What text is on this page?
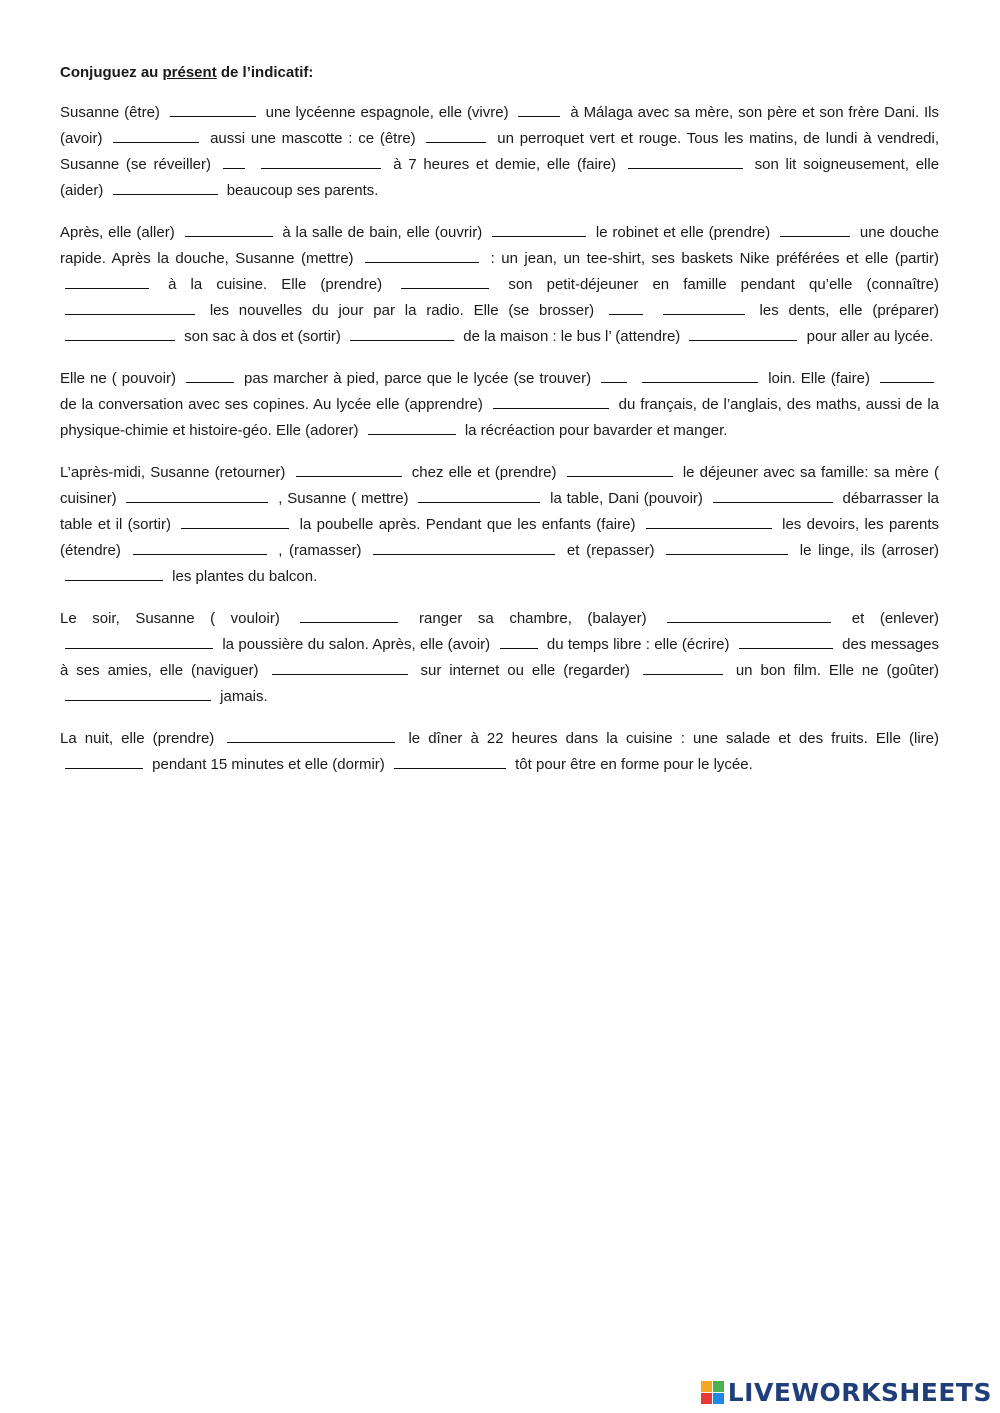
Conjuguez au présent de l’indicatif:
Susanne (être)	une lycéenne espagnole, elle (vivre)	à Málaga avec sa mère, son père et son frère Dani. Ils (avoir)	aussi une mascotte : ce (être)	un perroquet vert et rouge. Tous les matins, de lundi à vendredi, Susanne (se réveiller)	à 7 heures et demie, elle (faire)	son lit soigneusement, elle (aider)	beaucoup ses parents.
Après, elle (aller)	à la salle de bain, elle (ouvrir)	le robinet et elle (prendre)	une douche rapide. Après la douche, Susanne (mettre)	: un jean, un tee-shirt, ses baskets Nike préférées et elle (partir)  à la cuisine. Elle (prendre)	son petit-déjeuner en famille pendant qu’elle (connaître)  les nouvelles du jour par la radio. Elle (se brosser)	les dents, elle (préparer)  son sac à dos et (sortir)	de la maison : le bus l’ (attendre)	pour aller au lycée.
Elle ne ( pouvoir)	pas marcher à pied, parce que le lycée (se trouver)	loin. Elle (faire)  de la conversation avec ses copines. Au lycée elle (apprendre)	du français, de l’anglais, des maths, aussi de la physique-chimie et histoire-géo. Elle (adorer)	la récréaction pour bavarder et manger.
L’après-midi, Susanne (retourner)	chez elle et (prendre)	le déjeuner avec sa famille: sa mère ( cuisiner)	, Susanne ( mettre)	la table, Dani (pouvoir)	débarrasser la table et il (sortir)	la poubelle après. Pendant que les enfants (faire)	les devoirs, les parents (étendre)	, (ramasser)	et (repasser)	le linge, ils (arroser)  les plantes du balcon.
Le soir, Susanne ( vouloir)	ranger sa chambre, (balayer)	et (enlever)  la poussière du salon. Après, elle (avoir)	du temps libre : elle (écrire)	des messages à ses amies, elle (naviguer)	sur internet ou elle (regarder)	un bon film. Elle ne (goûter)  jamais.
La nuit, elle (prendre)	le dîner à 22 heures dans la cuisine : une salade et des fruits. Elle (lire)  pendant 15 minutes et elle (dormir)	tôt pour être en forme pour le lycée.
LIVEWORKSHEETS
